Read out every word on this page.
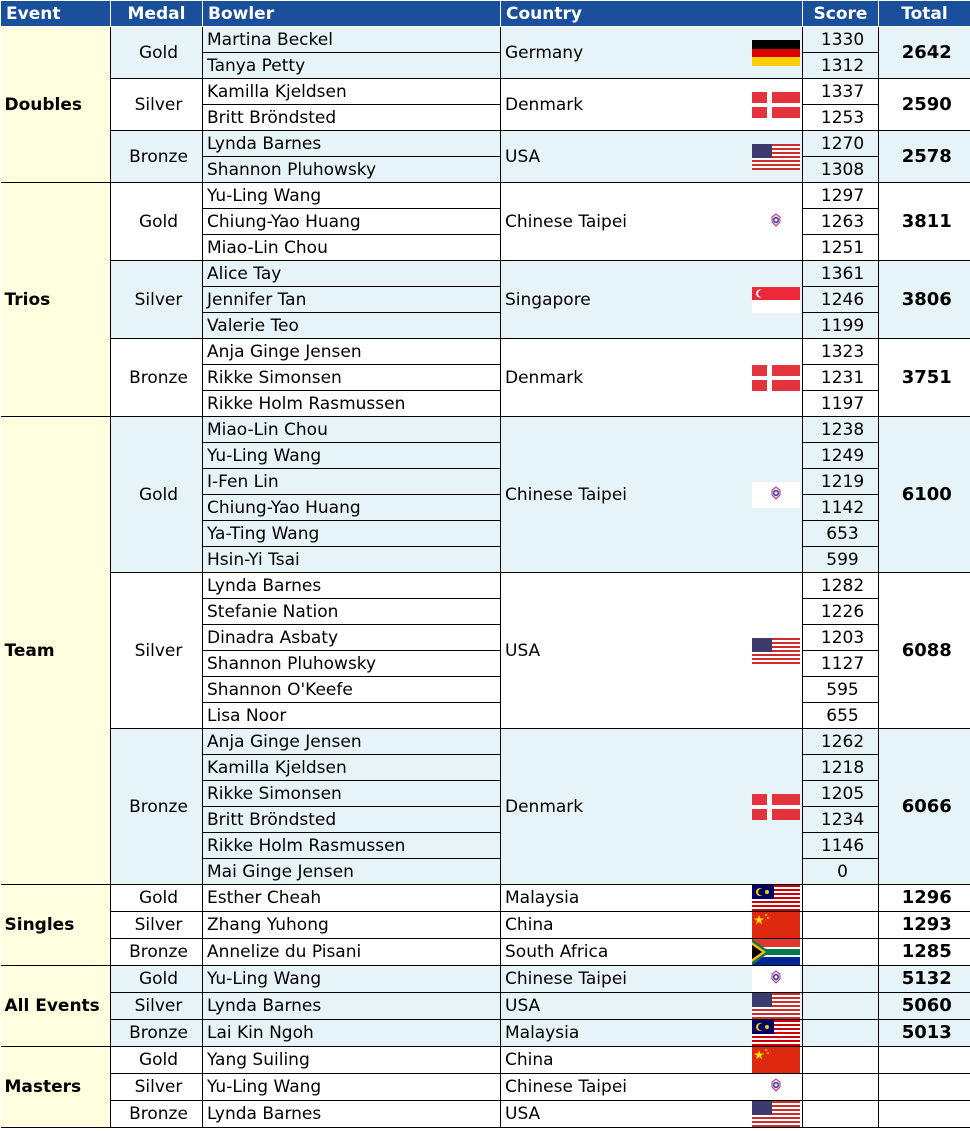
Event	Medal	Bowler	Country		Score	Total
Doubles	Gold	Martina Beckel	Germany		1330	2642
		Tanya Petty			1312	
	Silver	Kamilla Kjeldsen	Denmark		1337	2590
		Britt Bröndsted			1253	
	Bronze	Lynda Barnes	USA		1270	2578
		Shannon Pluhowsky			1308	
Trios	Gold	Yu-Ling Wang	Chinese Taipei		1297	3811
		Chiung-Yao Huang			1263	
		Miao-Lin Chou			1251	
	Silver	Alice Tay	Singapore		1361	3806
		Jennifer Tan			1246	
		Valerie Teo			1199	
	Bronze	Anja Ginge Jensen	Denmark		1323	3751
		Rikke Simonsen			1231	
		Rikke Holm Rasmussen			1197	
Team	Gold	Miao-Lin Chou	Chinese Taipei		1238	6100
		Yu-Ling Wang			1249	
		I-Fen Lin			1219	
		Chiung-Yao Huang			1142	
		Ya-Ting Wang			653	
		Hsin-Yi Tsai			599	
	Silver	Lynda Barnes	USA		1282	6088
		Stefanie Nation			1226	
		Dinadra Asbaty			1203	
		Shannon Pluhowsky			1127	
		Shannon O'Keefe			595	
		Lisa Noor			655	
	Bronze	Anja Ginge Jensen	Denmark		1262	6066
		Kamilla Kjeldsen			1218	
		Rikke Simonsen			1205	
		Britt Bröndsted			1234	
		Rikke Holm Rasmussen			1146	
		Mai Ginge Jensen			0	
Singles	Gold	Esther Cheah	Malaysia			1296
	Silver	Zhang Yuhong	China			1293
	Bronze	Annelize du Pisani	South Africa			1285
All Events	Gold	Yu-Ling Wang	Chinese Taipei			5132
	Silver	Lynda Barnes	USA			5060
	Bronze	Lai Kin Ngoh	Malaysia			5013
Masters	Gold	Yang Suiling	China	

	Silver	Yu-Ling Wang	Chinese Taipei	

	Bronze	Lynda Barnes	USA	
